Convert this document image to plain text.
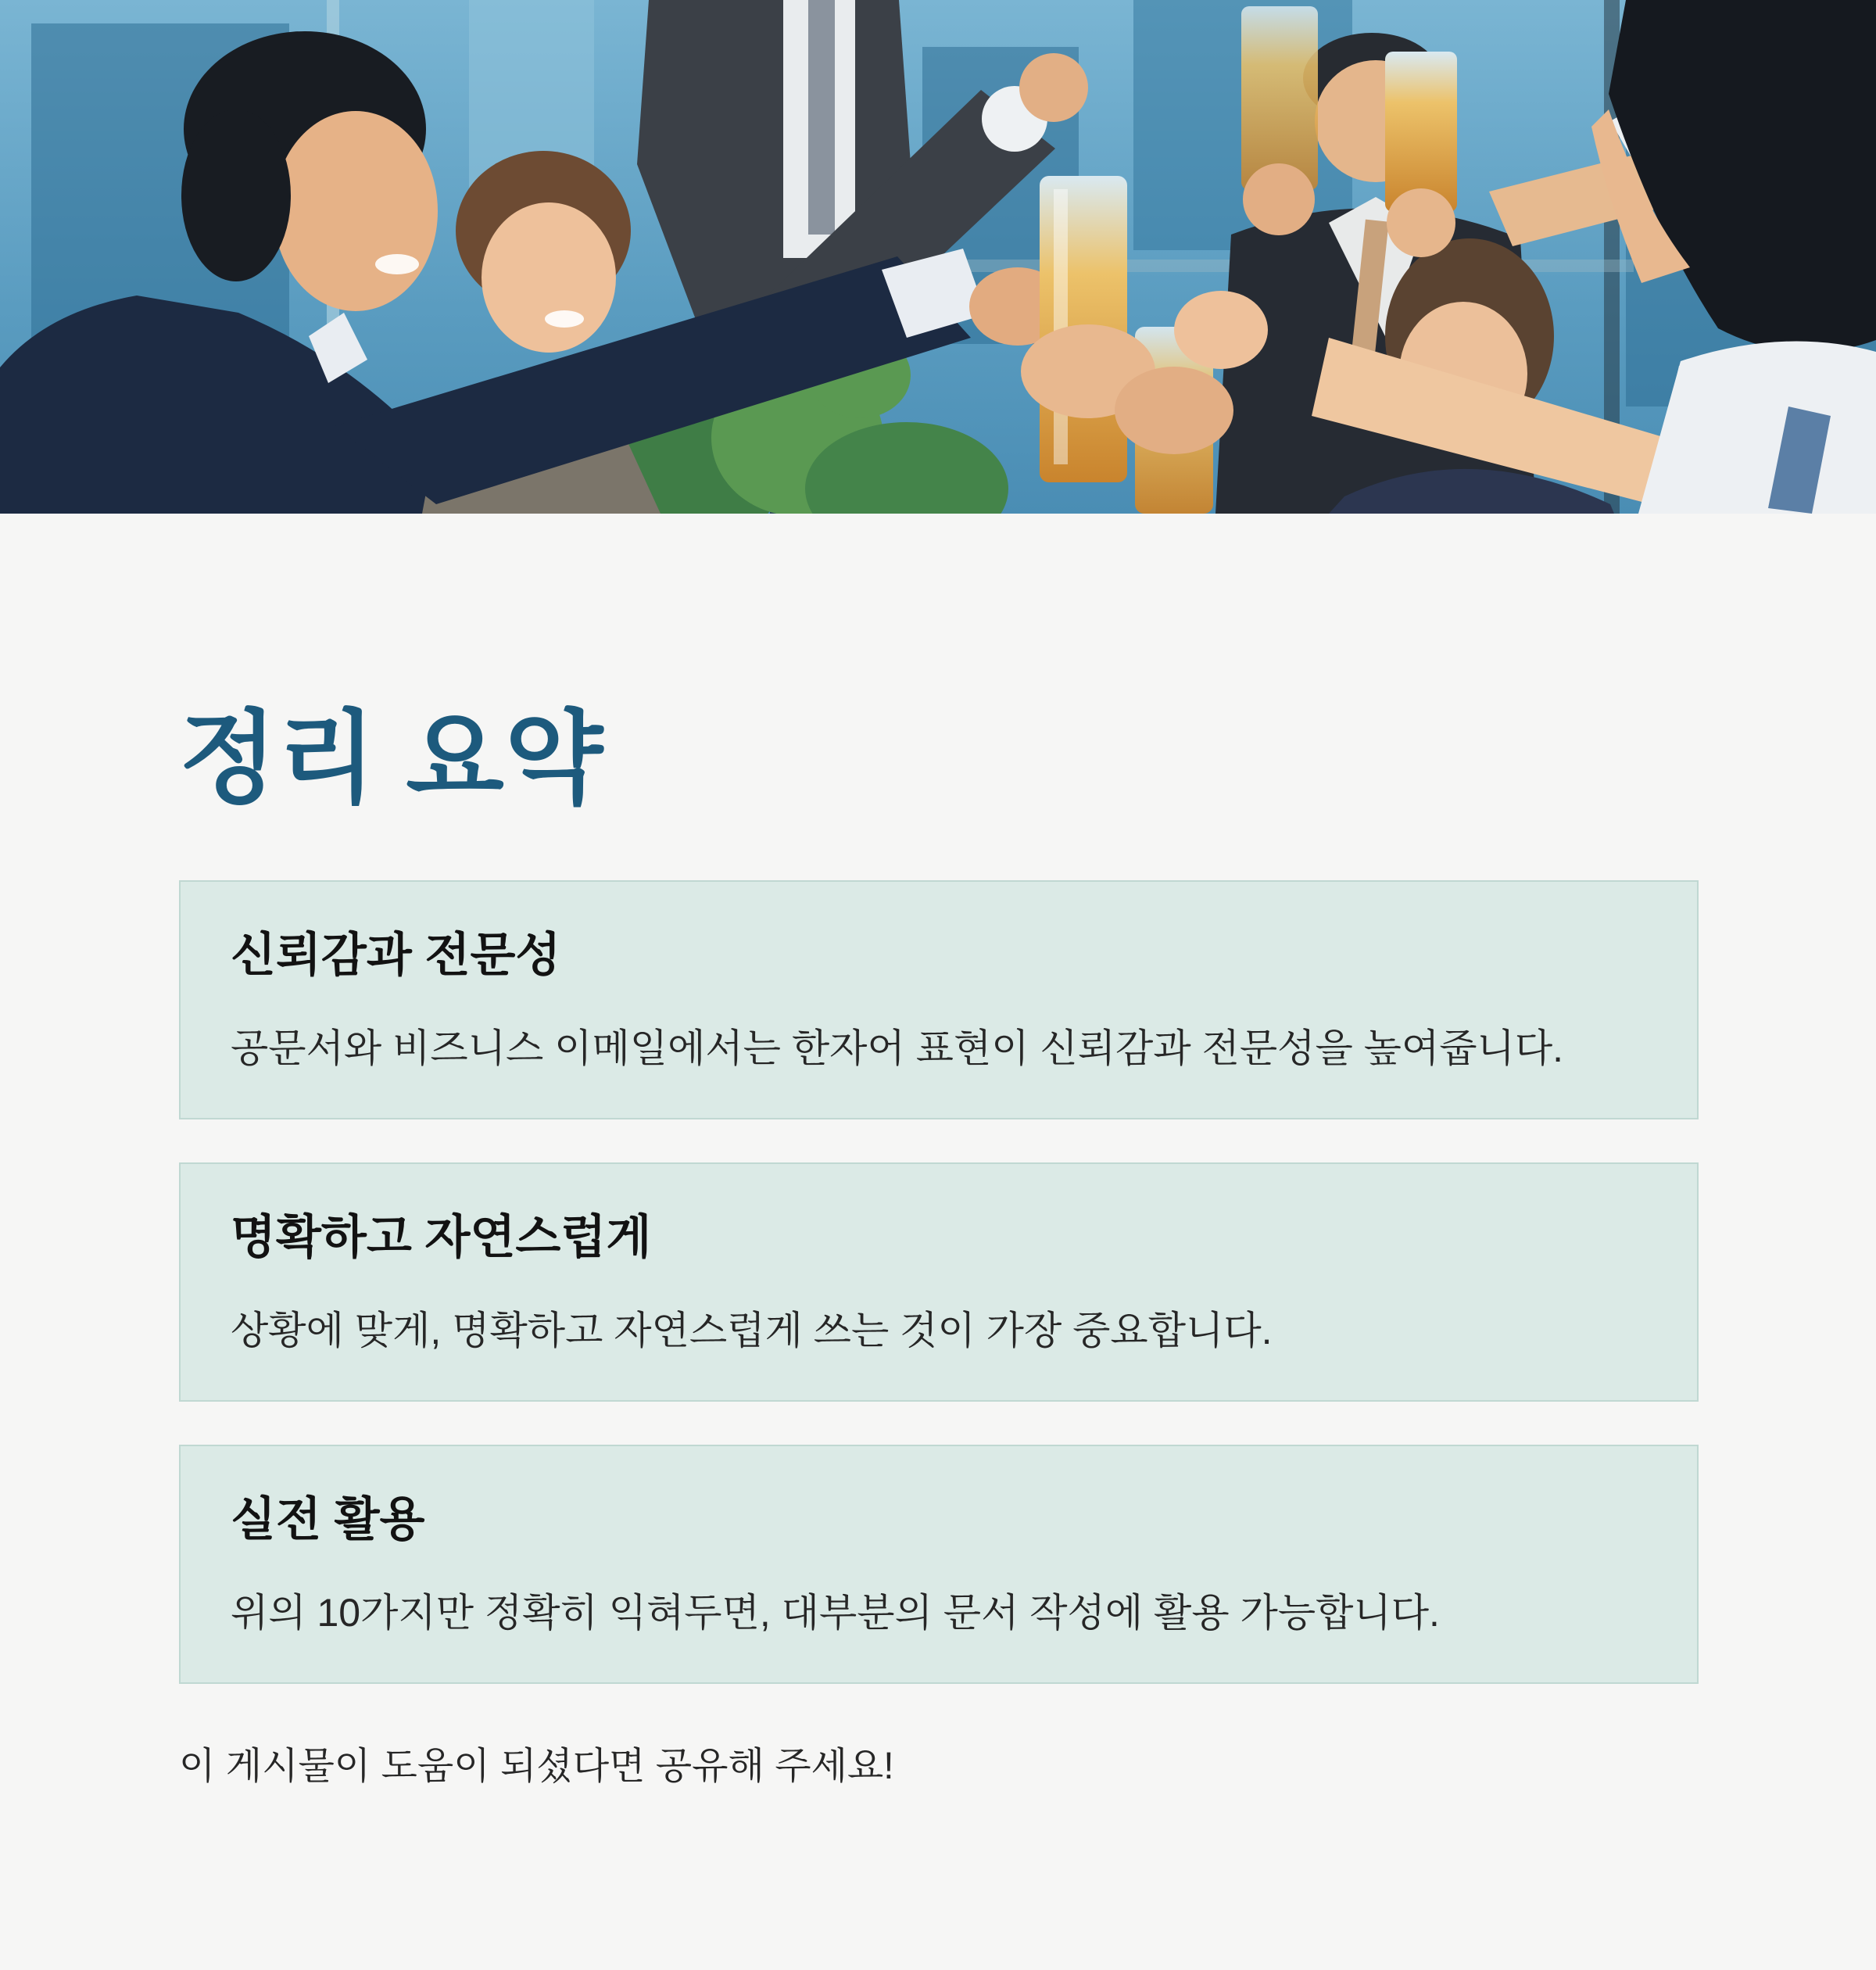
정리 요약
신뢰감과 전문성

공문서와 비즈니스 이메일에서는 한자어 표현이 신뢰감과 전문성을 높여줍니다.

명확하고 자연스럽게

상황에 맞게, 명확하고 자연스럽게 쓰는 것이 가장 중요합니다.

실전 활용

위의 10가지만 정확히 익혀두면, 대부분의 문서 작성에 활용 가능합니다.

이 게시물이 도움이 되셨다면 공유해 주세요!
